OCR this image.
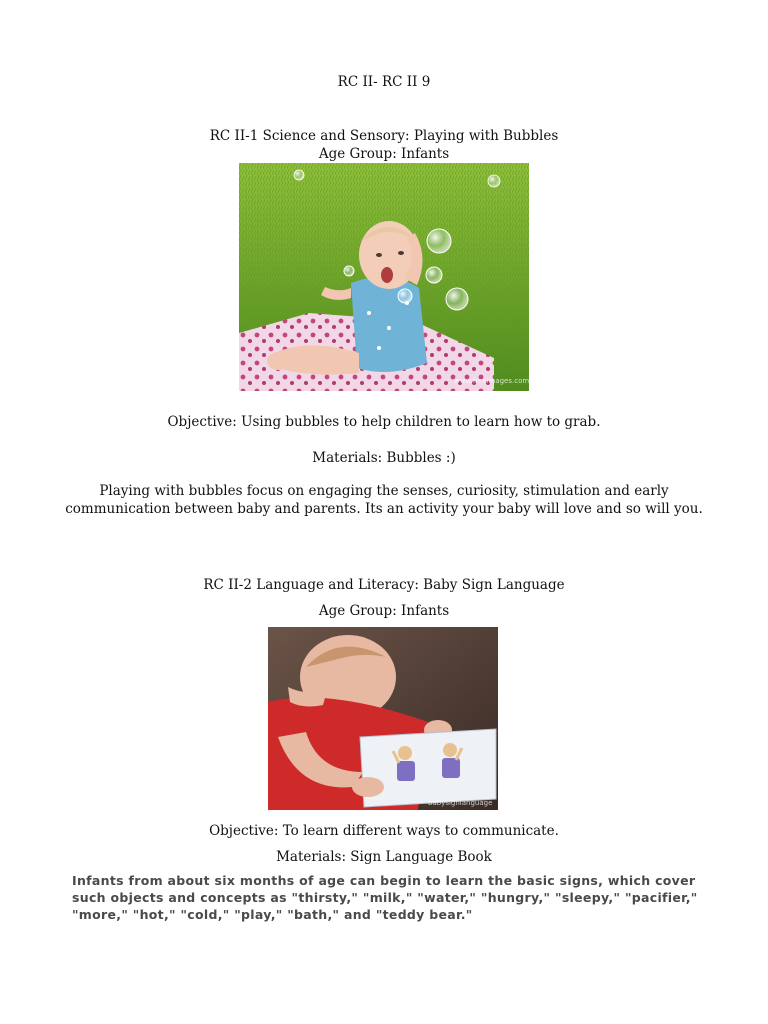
RC II- RC II 9
RC II-1 Science and Sensory: Playing with Bubbles
Age Group: Infants
www.freeimages.com
Objective: Using bubbles to help children to learn how to grab.
Materials: Bubbles :)
Playing with bubbles focus on engaging the senses, curiosity, stimulation and early communication between baby and parents. Its an activity your baby will love and so will you.
RC II-2 Language and Literacy: Baby Sign Language
Age Group: Infants
babysignlanguage
Objective: To learn different ways to communicate.
Materials: Sign Language Book
Infants from about six months of age can begin to learn the basic signs, which cover such objects and concepts as "thirsty," "milk," "water," "hungry," "sleepy," "pacifier," "more," "hot," "cold," "play," "bath," and "teddy bear."
